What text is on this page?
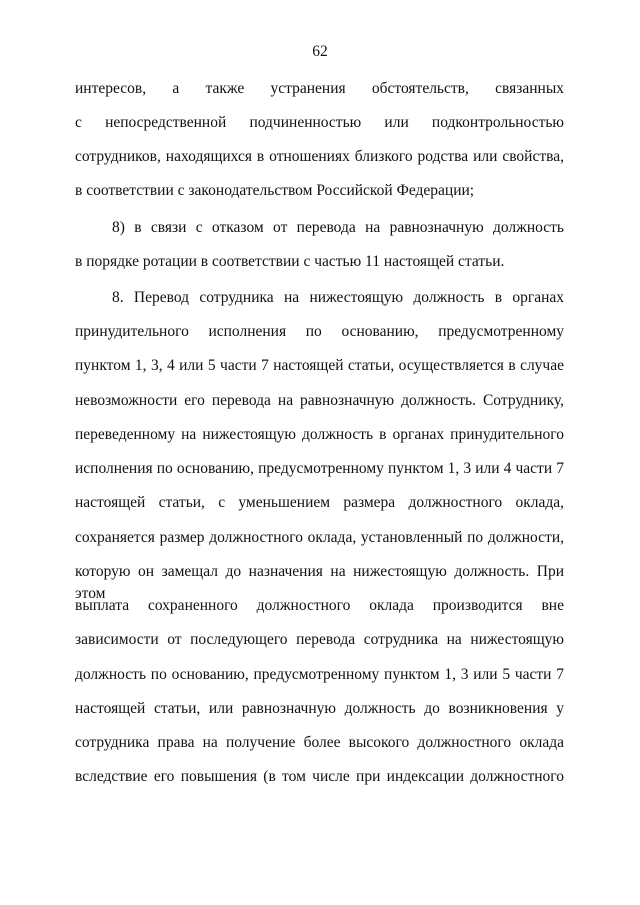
62
интересов, а также устранения обстоятельств, связанных
с непосредственной подчиненностью или подконтрольностью
сотрудников, находящихся в отношениях близкого родства или свойства,
в соответствии с законодательством Российской Федерации;
8) в связи с отказом от перевода на равнозначную должность
в порядке ротации в соответствии с частью 11 настоящей статьи.
8. Перевод сотрудника на нижестоящую должность в органах
принудительного исполнения по основанию, предусмотренному
пунктом 1, 3, 4 или 5 части 7 настоящей статьи, осуществляется в случае
невозможности его перевода на равнозначную должность. Сотруднику,
переведенному на нижестоящую должность в органах принудительного
исполнения по основанию, предусмотренному пунктом 1, 3 или 4 части 7
настоящей статьи, с уменьшением размера должностного оклада,
сохраняется размер должностного оклада, установленный по должности,
которую он замещал до назначения на нижестоящую должность. При этом
выплата сохраненного должностного оклада производится вне
зависимости от последующего перевода сотрудника на нижестоящую
должность по основанию, предусмотренному пунктом 1, 3 или 5 части 7
настоящей статьи, или равнозначную должность до возникновения у
сотрудника права на получение более высокого должностного оклада
вследствие его повышения (в том числе при индексации должностного
